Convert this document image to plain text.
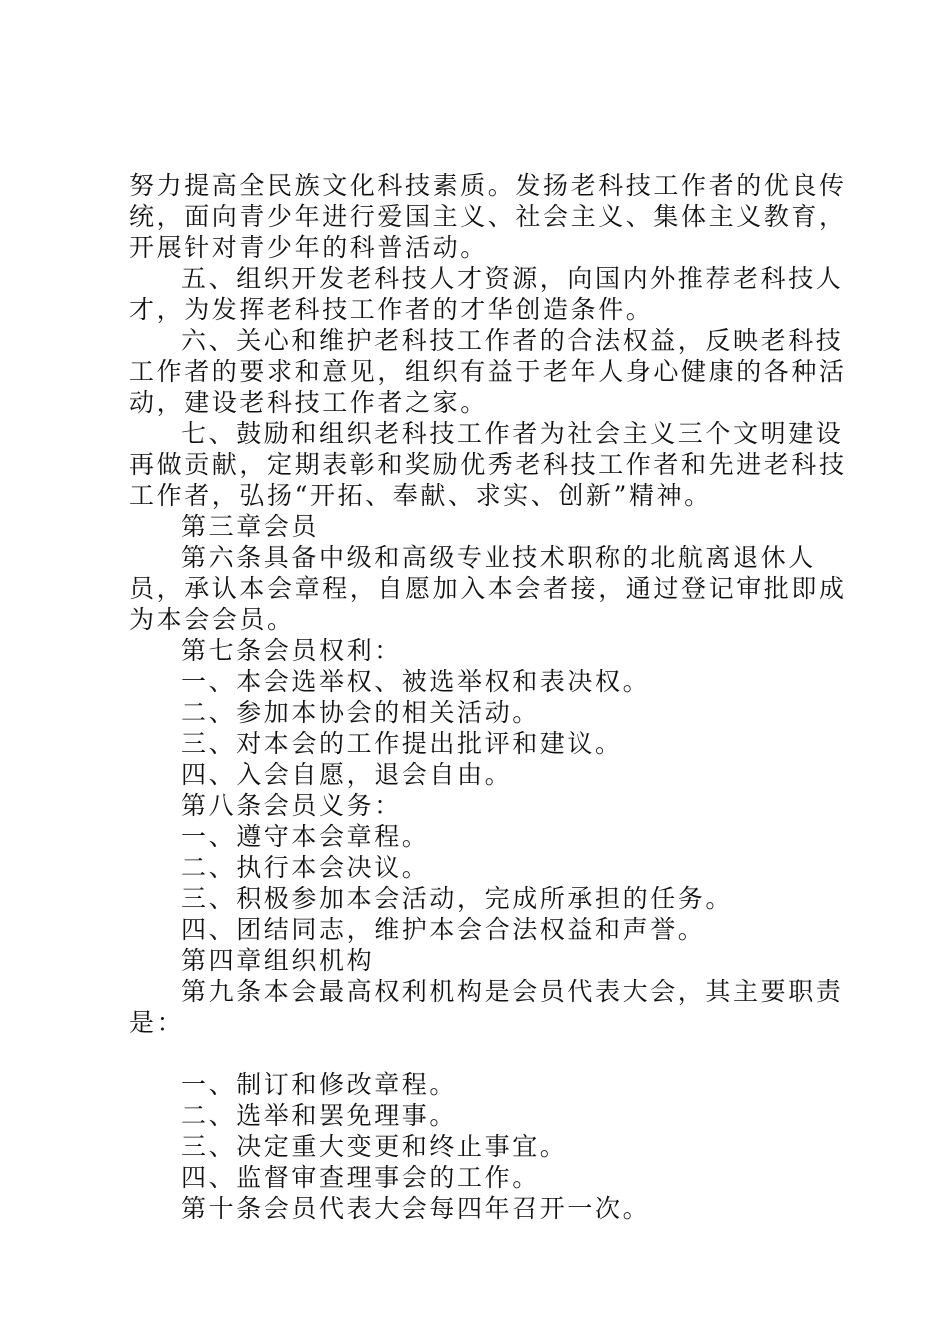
努力提高全民族文化科技素质。发扬老科技工作者的优良传统，面向青少年进行爱国主义、社会主义、集体主义教育，开展针对青少年的科普活动。

五、组织开发老科技人才资源，向国内外推荐老科技人才，为发挥老科技工作者的才华创造条件。

六、关心和维护老科技工作者的合法权益，反映老科技工作者的要求和意见，组织有益于老年人身心健康的各种活动，建设老科技工作者之家。

七、鼓励和组织老科技工作者为社会主义三个文明建设再做贡献，定期表彰和奖励优秀老科技工作者和先进老科技工作者，弘扬“开拓、奉献、求实、创新”精神。

第三章会员

第六条具备中级和高级专业技术职称的北航离退休人员，承认本会章程，自愿加入本会者接，通过登记审批即成为本会会员。

第七条会员权利：

一、本会选举权、被选举权和表决权。

二、参加本协会的相关活动。

三、对本会的工作提出批评和建议。

四、入会自愿，退会自由。

第八条会员义务：

一、遵守本会章程。

二、执行本会决议。

三、积极参加本会活动，完成所承担的任务。

四、团结同志，维护本会合法权益和声誉。

第四章组织机构

第九条本会最高权利机构是会员代表大会，其主要职责是：

一、制订和修改章程。

二、选举和罢免理事。

三、决定重大变更和终止事宜。

四、监督审查理事会的工作。

第十条会员代表大会每四年召开一次。
